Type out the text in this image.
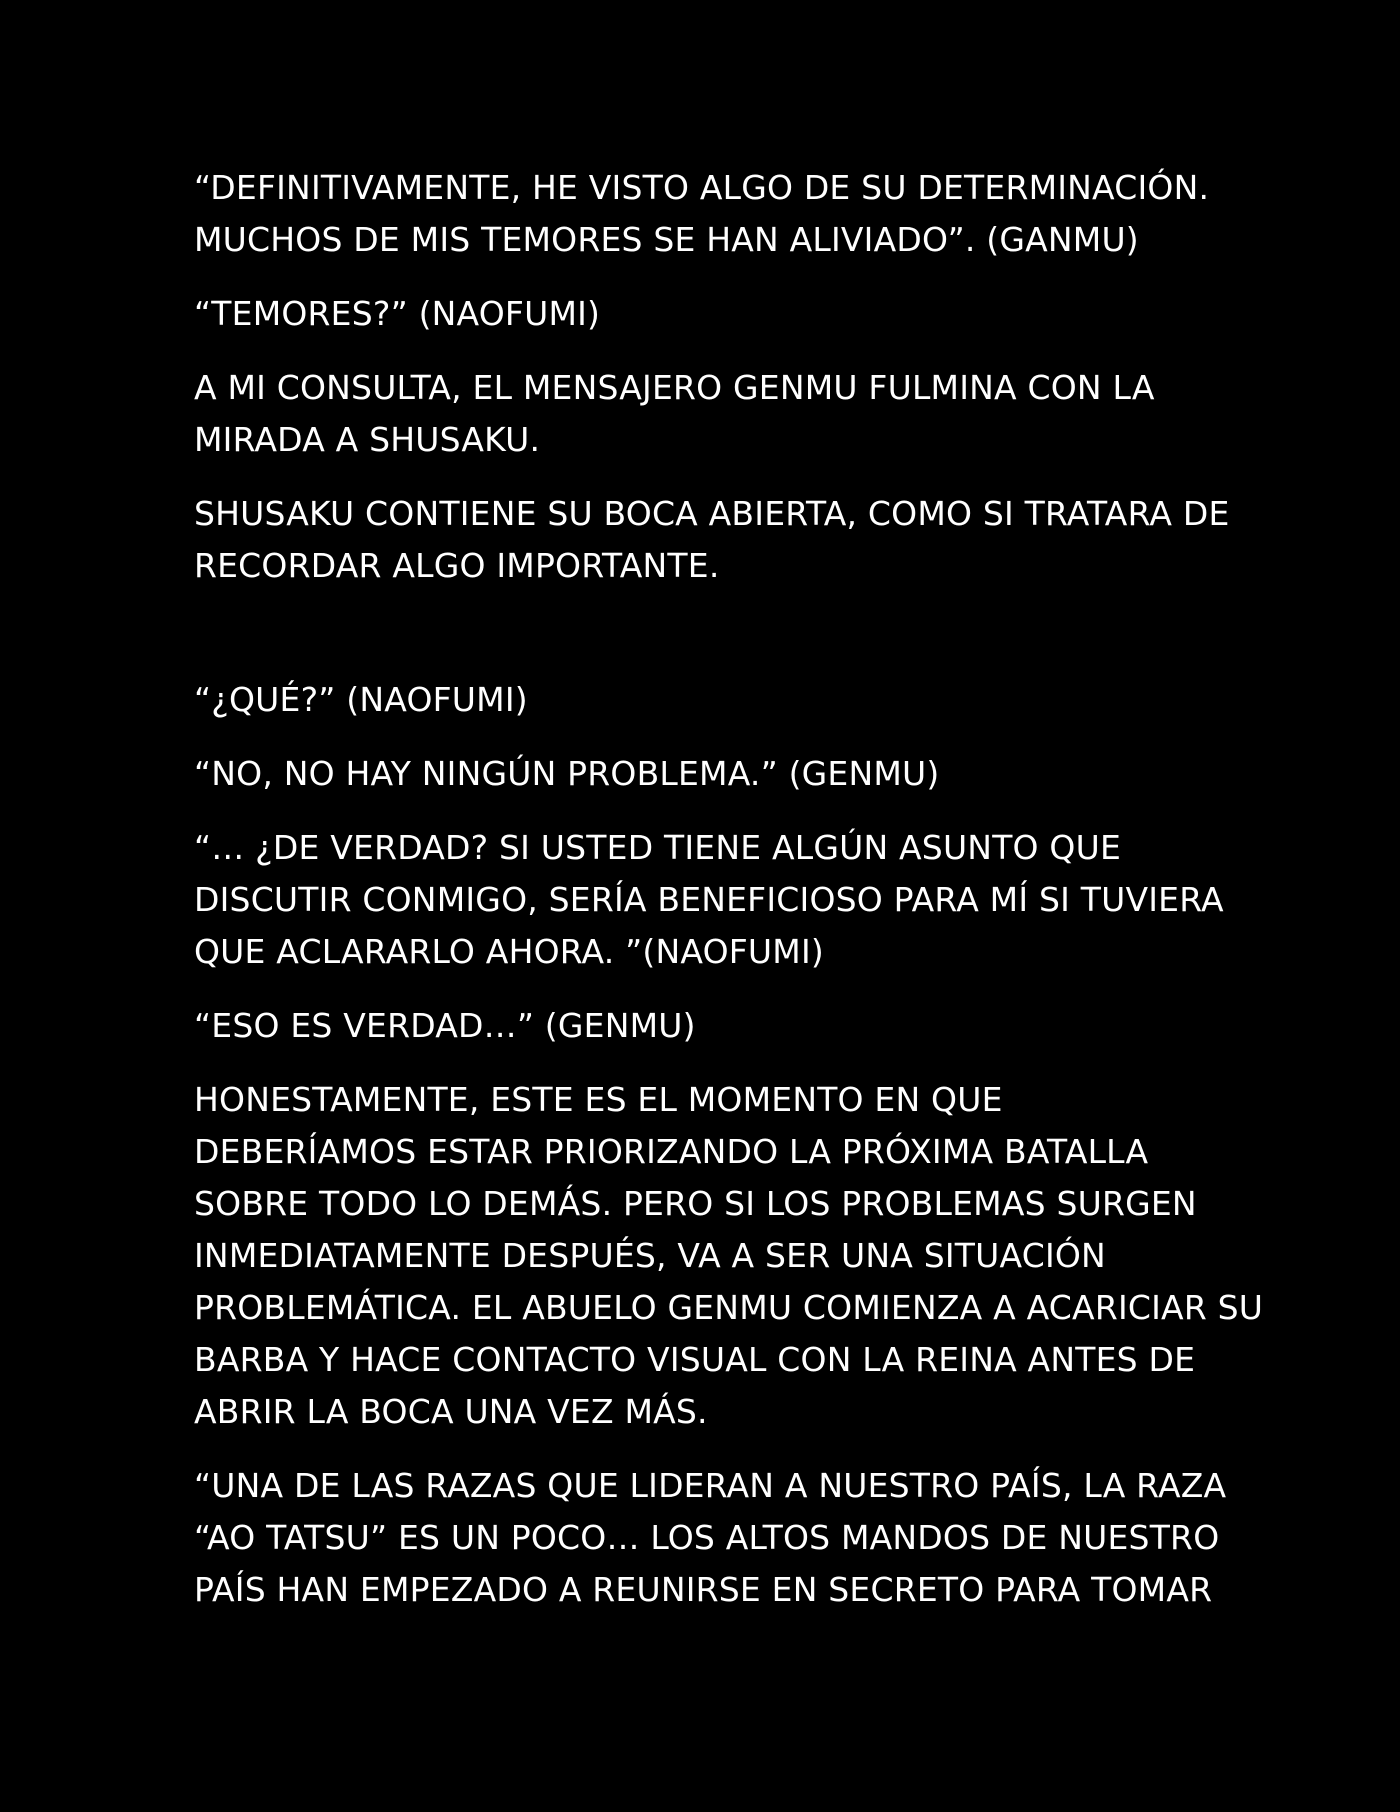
“DEFINITIVAMENTE, HE VISTO ALGO DE SU DETERMINACIÓN.
MUCHOS DE MIS TEMORES SE HAN ALIVIADO”. (GANMU)
“TEMORES?” (NAOFUMI)
A MI CONSULTA, EL MENSAJERO GENMU FULMINA CON LA
MIRADA A SHUSAKU.
SHUSAKU CONTIENE SU BOCA ABIERTA, COMO SI TRATARA DE
RECORDAR ALGO IMPORTANTE.
“¿QUÉ?” (NAOFUMI)
“NO, NO HAY NINGÚN PROBLEMA.” (GENMU)
“… ¿DE VERDAD? SI USTED TIENE ALGÚN ASUNTO QUE
DISCUTIR CONMIGO, SERÍA BENEFICIOSO PARA MÍ SI TUVIERA
QUE ACLARARLO AHORA. ”(NAOFUMI)
“ESO ES VERDAD…” (GENMU)
HONESTAMENTE, ESTE ES EL MOMENTO EN QUE
DEBERÍAMOS ESTAR PRIORIZANDO LA PRÓXIMA BATALLA
SOBRE TODO LO DEMÁS. PERO SI LOS PROBLEMAS SURGEN
INMEDIATAMENTE DESPUÉS, VA A SER UNA SITUACIÓN
PROBLEMÁTICA. EL ABUELO GENMU COMIENZA A ACARICIAR SU
BARBA Y HACE CONTACTO VISUAL CON LA REINA ANTES DE
ABRIR LA BOCA UNA VEZ MÁS.
“UNA DE LAS RAZAS QUE LIDERAN A NUESTRO PAÍS, LA RAZA
“AO TATSU” ES UN POCO… LOS ALTOS MANDOS DE NUESTRO
PAÍS HAN EMPEZADO A REUNIRSE EN SECRETO PARA TOMAR
